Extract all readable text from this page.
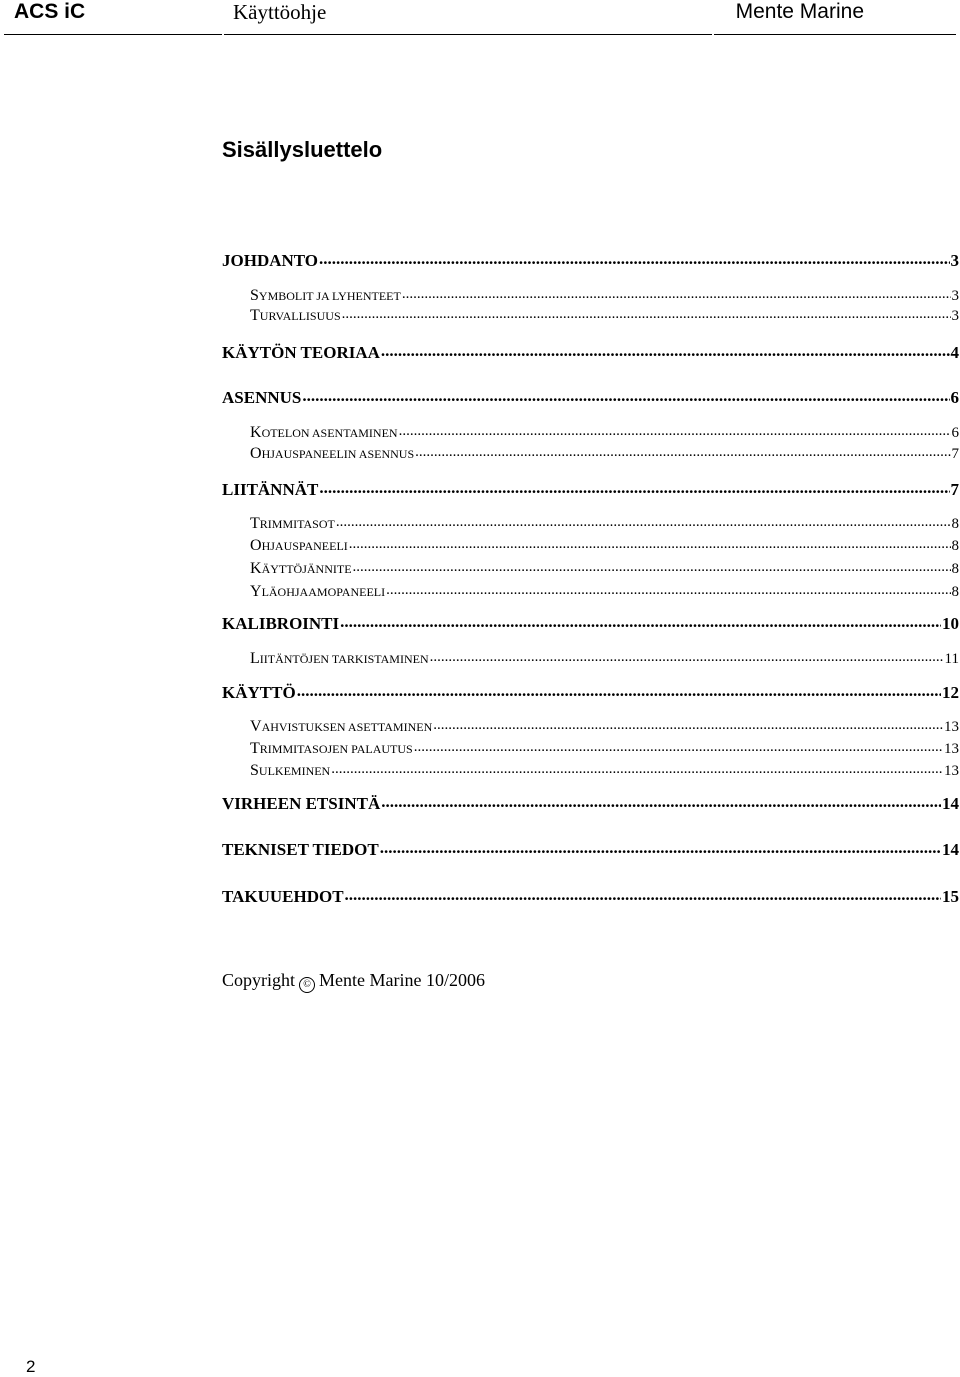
ACS iC	Käyttöohje	Mente Marine
Sisällysluettelo
JOHDANTO .....	3
SYMBOLIT JA LYHENTEET .....	3
TURVALLISUUS .....	3
KÄYTÖN TEORIAA .....	4
ASENNUS .....	6
KOTELON ASENTAMINEN .....	6
OHJAUSPANEELIN ASENNUS .....	7
LIITÄNNÄT .....	7
TRIMMITASOT .....	8
OHJAUSPANEELI .....	8
KÄYTTÖJÄNNITE .....	8
YLÄOHJAAMOPANEELI .....	8
KALIBROINTI .....	10
LIITÄNTÖJEN TARKISTAMINEN .....	11
KÄYTTÖ .....	12
VAHVISTUKSEN ASETTAMINEN .....	13
TRIMMITASOJEN PALAUTUS .....	13
SULKEMINEN .....	13
VIRHEEN ETSINTÄ .....	14
TEKNISET TIEDOT .....	14
TAKUUEHDOT .....	15
Copyright © Mente Marine 10/2006
2
